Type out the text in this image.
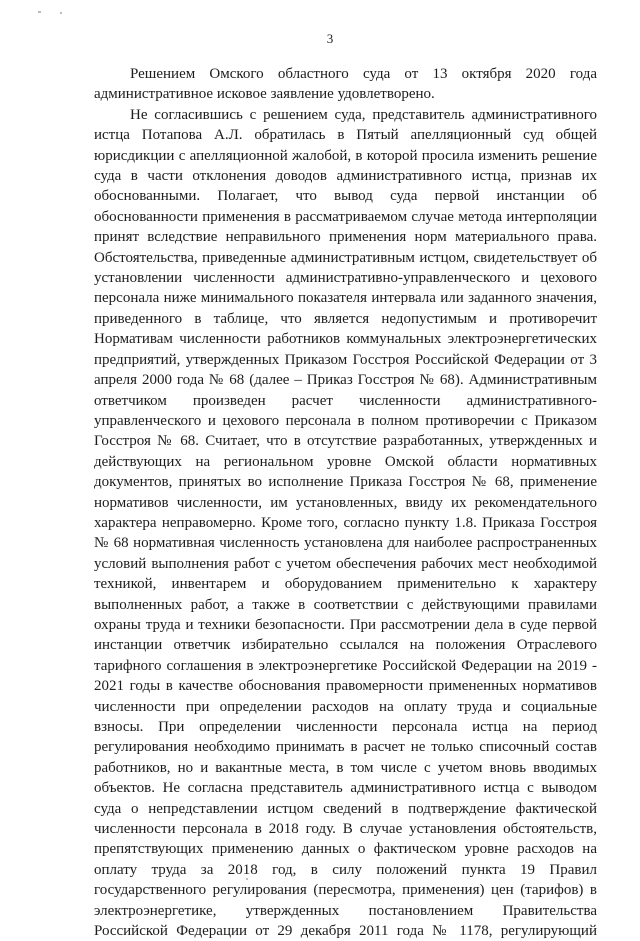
3

Решением Омского областного суда от 13 октября 2020 года административное исковое заявление удовлетворено.

Не согласившись с решением суда, представитель административного истца Потапова А.Л. обратилась в Пятый апелляционный суд общей юрисдикции с апелляционной жалобой, в которой просила изменить решение суда в части отклонения доводов административного истца, признав их обоснованными. Полагает, что вывод суда первой инстанции об обоснованности применения в рассматриваемом случае метода интерполяции принят вследствие неправильного применения норм материального права. Обстоятельства, приведенные административным истцом, свидетельствует об установлении численности административно-управленческого и цехового персонала ниже минимального показателя интервала или заданного значения, приведенного в таблице, что является недопустимым и противоречит Нормативам численности работников коммунальных электроэнергетических предприятий, утвержденных Приказом Госстроя Российской Федерации от 3 апреля 2000 года № 68 (далее – Приказ Госстроя № 68). Административным ответчиком произведен расчет численности административного-управленческого и цехового персонала в полном противоречии с Приказом Госстроя № 68. Считает, что в отсутствие разработанных, утвержденных и действующих на региональном уровне Омской области нормативных документов, принятых во исполнение Приказа Госстроя № 68, применение нормативов численности, им установленных, ввиду их рекомендательного характера неправомерно. Кроме того, согласно пункту 1.8. Приказа Госстроя № 68 нормативная численность установлена для наиболее распространенных условий выполнения работ с учетом обеспечения рабочих мест необходимой техникой, инвентарем и оборудованием применительно к характеру выполненных работ, а также в соответствии с действующими правилами охраны труда и техники безопасности. При рассмотрении дела в суде первой инстанции ответчик избирательно ссылался на положения Отраслевого тарифного соглашения в электроэнергетике Российской Федерации на 2019 - 2021 годы в качестве обоснования правомерности примененных нормативов численности при определении расходов на оплату труда и социальные взносы. При определении численности персонала истца на период регулирования необходимо принимать в расчет не только списочный состав работников, но и вакантные места, в том числе с учетом вновь вводимых объектов. Не согласна представитель административного истца с выводом суда о непредставлении истцом сведений в подтверждение фактической численности персонала в 2018 году. В случае установления обстоятельств, препятствующих применению данных о фактическом уровне расходов на оплату труда за 2018 год, в силу положений пункта 19 Правил государственного регулирования (пересмотра, применения) цен (тарифов) в электроэнергетике, утвержденных постановлением Правительства Российской Федерации от 29 декабря 2011 года № 1178, регулирующий
